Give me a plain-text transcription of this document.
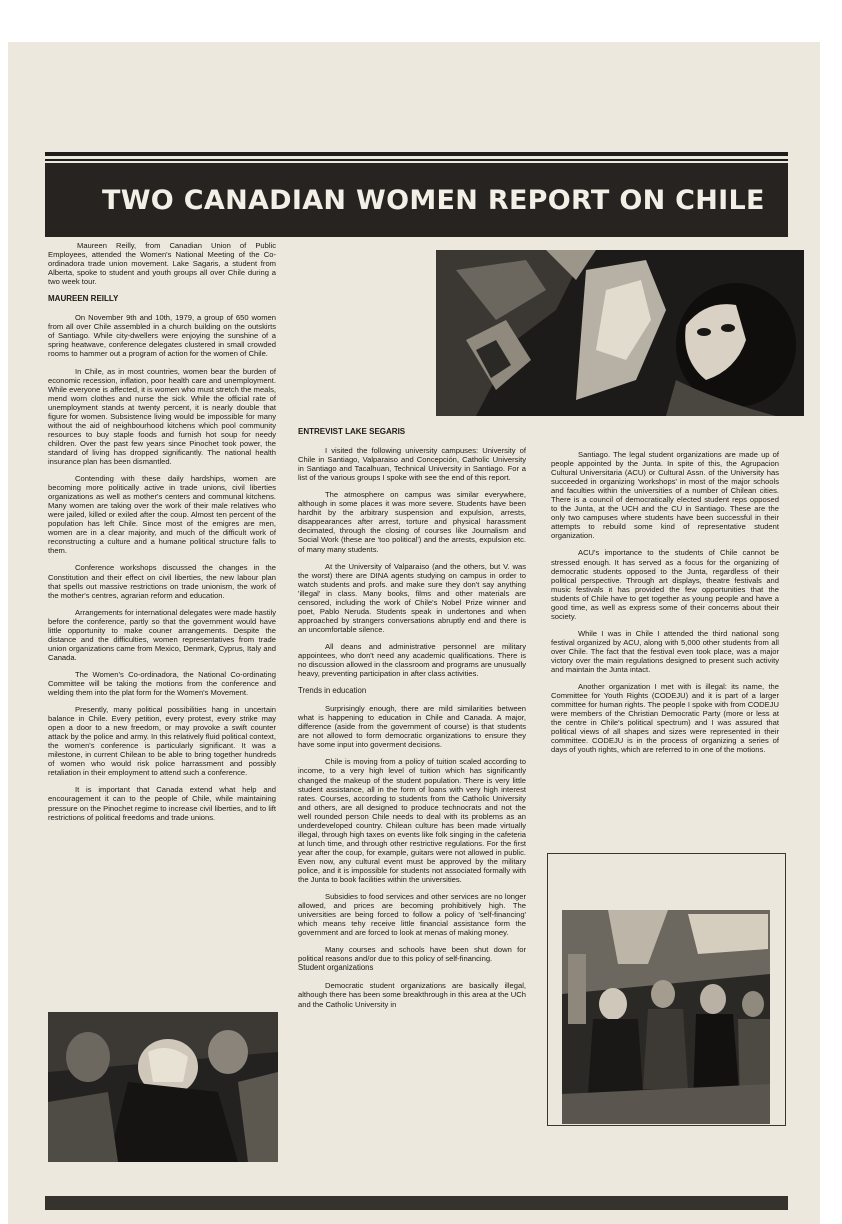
TWO CANADIAN WOMEN REPORT ON CHILE

Maureen Reilly, from Canadian Union of Public Employees, attended the Women's National Meeting of the Co-ordinadora trade union movement. Lake Sagaris, a student from Alberta, spoke to student and youth groups all over Chile during a two week tour.

MAUREEN REILLY

On November 9th and 10th, 1979, a group of 650 women from all over Chile assembled in a church building on the outskirts of Santiago. While city-dwellers were enjoying the sunshine of a spring heatwave, conference delegates clustered in small crowded rooms to hammer out a program of action for the women of Chile.

In Chile, as in most countries, women bear the burden of economic recession, inflation, poor health care and unemployment. While everyone is affected, it is women who must stretch the meals, mend worn clothes and nurse the sick. While the official rate of unemployment stands at twenty percent, it is nearly double that figure for women. Subsistence living would be impossible for many without the aid of neighbourhood kitchens which pool community resources to buy staple foods and furnish hot soup for needy children. Over the past few years since Pinochet took power, the standard of living has dropped significantly. The national health insurance plan has been dismantled.

Contending with these daily hardships, women are becoming more politically active in trade unions, civil liberties organizations as well as mother's centers and communal kitchens. Many women are taking over the work of their male relatives who were jailed, killed or exiled after the coup. Almost ten percent of the population has left Chile. Since most of the emigres are men, women are in a clear majority, and much of the difficult work of reconstructing a culture and a humane political structure falls to them.

Conference workshops discussed the changes in the Constitution and their effect on civil liberties, the new labour plan that spells out massive restrictions on trade unionism, the work of the mother's centres, agrarian reform and education.

Arrangements for international delegates were made hastily before the conference, partly so that the government would have little opportunity to make couner arrangements. Despite the distance and the difficulties, women representatives from trade union organizations came from Mexico, Denmark, Cyprus, Italy and Canada.

The Women's Co-ordinadora, the National Co-ordinating Committee will be taking the motions from the conference and welding them into the plat form for the Women's Movement.

Presently, many political possibilities hang in uncertain balance in Chile. Every petition, every protest, every strike may open a door to a new freedom, or may provoke a swift counter attack by the police and army. In this relatively fluid political context, the women's conference is particularly significant. It was a milestone, in current Chilean to be able to bring together hundreds of women who would risk police harrassment and possibly retaliation in their employment to attend such a conference.

It is important that Canada extend what help and encouragement it can to the people of Chile, while maintaining pressure on the Pinochet regime to increase civil liberties, and to lift restrictions of political freedoms and trade unions.

ENTREVIST LAKE SEGARIS

I visited the following university campuses: University of Chile in Santiago, Valparaiso and Concepción, Catholic University in Santiago and Tacalhuan, Technical University in Santiago. For a list of the various groups I spoke with see the end of this report.

The atmosphere on campus was similar everywhere, although in some places it was more severe. Students have been hardhit by the arbitrary suspension and expulsion, arrests, disappearances after arrest, torture and physical harassment decimated, through the closing of courses like Journalism and Social Work (these are 'too political') and the arrests, expulsion etc. of many many students.

At the University of Valparaiso (and the others, but V. was the worst) there are DINA agents studying on campus in order to watch students and profs. and make sure they don't say anything 'illegal' in class. Many books, films and other materials are censored, including the work of Chile's Nobel Prize winner and poet, Pablo Neruda. Students speak in undertones and when approached by strangers conversations abruptly end and there is an uncomfortable silence.

All deans and administrative personnel are military appointees, who don't need any academic qualifications. There is no discussion allowed in the classroom and programs are unusually heavy, preventing participation in after class activities.

Trends in education

Surprisingly enough, there are mild similarities between what is happening to education in Chile and Canada. A major, difference (aside from the government of course) is that students are not allowed to form democratic organizations to ensure they have some input into goverment decisions.

Chile is moving from a policy of tuition scaled according to income, to a very high level of tuition which has significantly changed the makeup of the student population. There is very little student assistance, all in the form of loans with very high interest rates. Courses, according to students from the Catholic University and others, are all designed to produce technocrats and not the well rounded person Chile needs to deal with its problems as an underdeveloped country. Chilean culture has been made virtually illegal, through high taxes on events like folk singing in the cafeteria at lunch time, and through other restrictive regulations. For the first year after the coup, for example, guitars were not allowed in public. Even now, any cultural event must be approved by the military police, and it is impossible for students not associated formally with the Junta to book facilities within the universities.

Subsidies to food services and other services are no longer allowed, and prices are becoming prohibitively high. The universities are being forced to follow a policy of 'self-financing' which means tehy receive little financial assistance form the government and are forced to look at menas of making money.

Many courses and schools have been shut down for political reasons and/or due to this policy of self-financing.

Student organizations

Democratic student organizations are basically illegal, although there has been some breakthrough in this area at the UCh and the Catholic University in

Santiago. The legal student organizations are made up of people appointed by the Junta. In spite of this, the Agrupacion Cultural Universitaria (ACU) or Cultural Assn. of the University has succeeded in organizing 'workshops' in most of the major schools and faculties within the universities of a number of Chilean cities. There is a council of democratically elected student reps opposed to the Junta, at the UCH and the CU in Santiago. These are the only two campuses where students have been successful in their attempts to rebuild some kind of representative student organization.

ACU's importance to the students of Chile cannot be stressed enough. It has served as a focus for the organizing of democratic students opposed to the Junta, regardless of their political perspective. Through art displays, theatre festivals and music festivals it has provided the few opportunities that the students of Chile have to get together as young people and have a good time, as well as express some of their concerns about their society.

While I was in Chile I attended the third national song festival organized by ACU, along with 5,000 other students from all over Chile. The fact that the festival even took place, was a major victory over the main regulations designed to present such activity and maintain the Junta intact.

Another organization I met with is illegal: its name, the Committee for Youth Rights (CODEJU) and it is part of a larger committee for human rights. The people I spoke with from CODEJU were members of the Christian Democratic Party (more or less at the centre in Chile's political spectrum) and I was assured that political views of all shapes and sizes were represented in their committee. CODEJU is in the process of organizing a series of days of youth rights, which are referred to in one of the motions.
